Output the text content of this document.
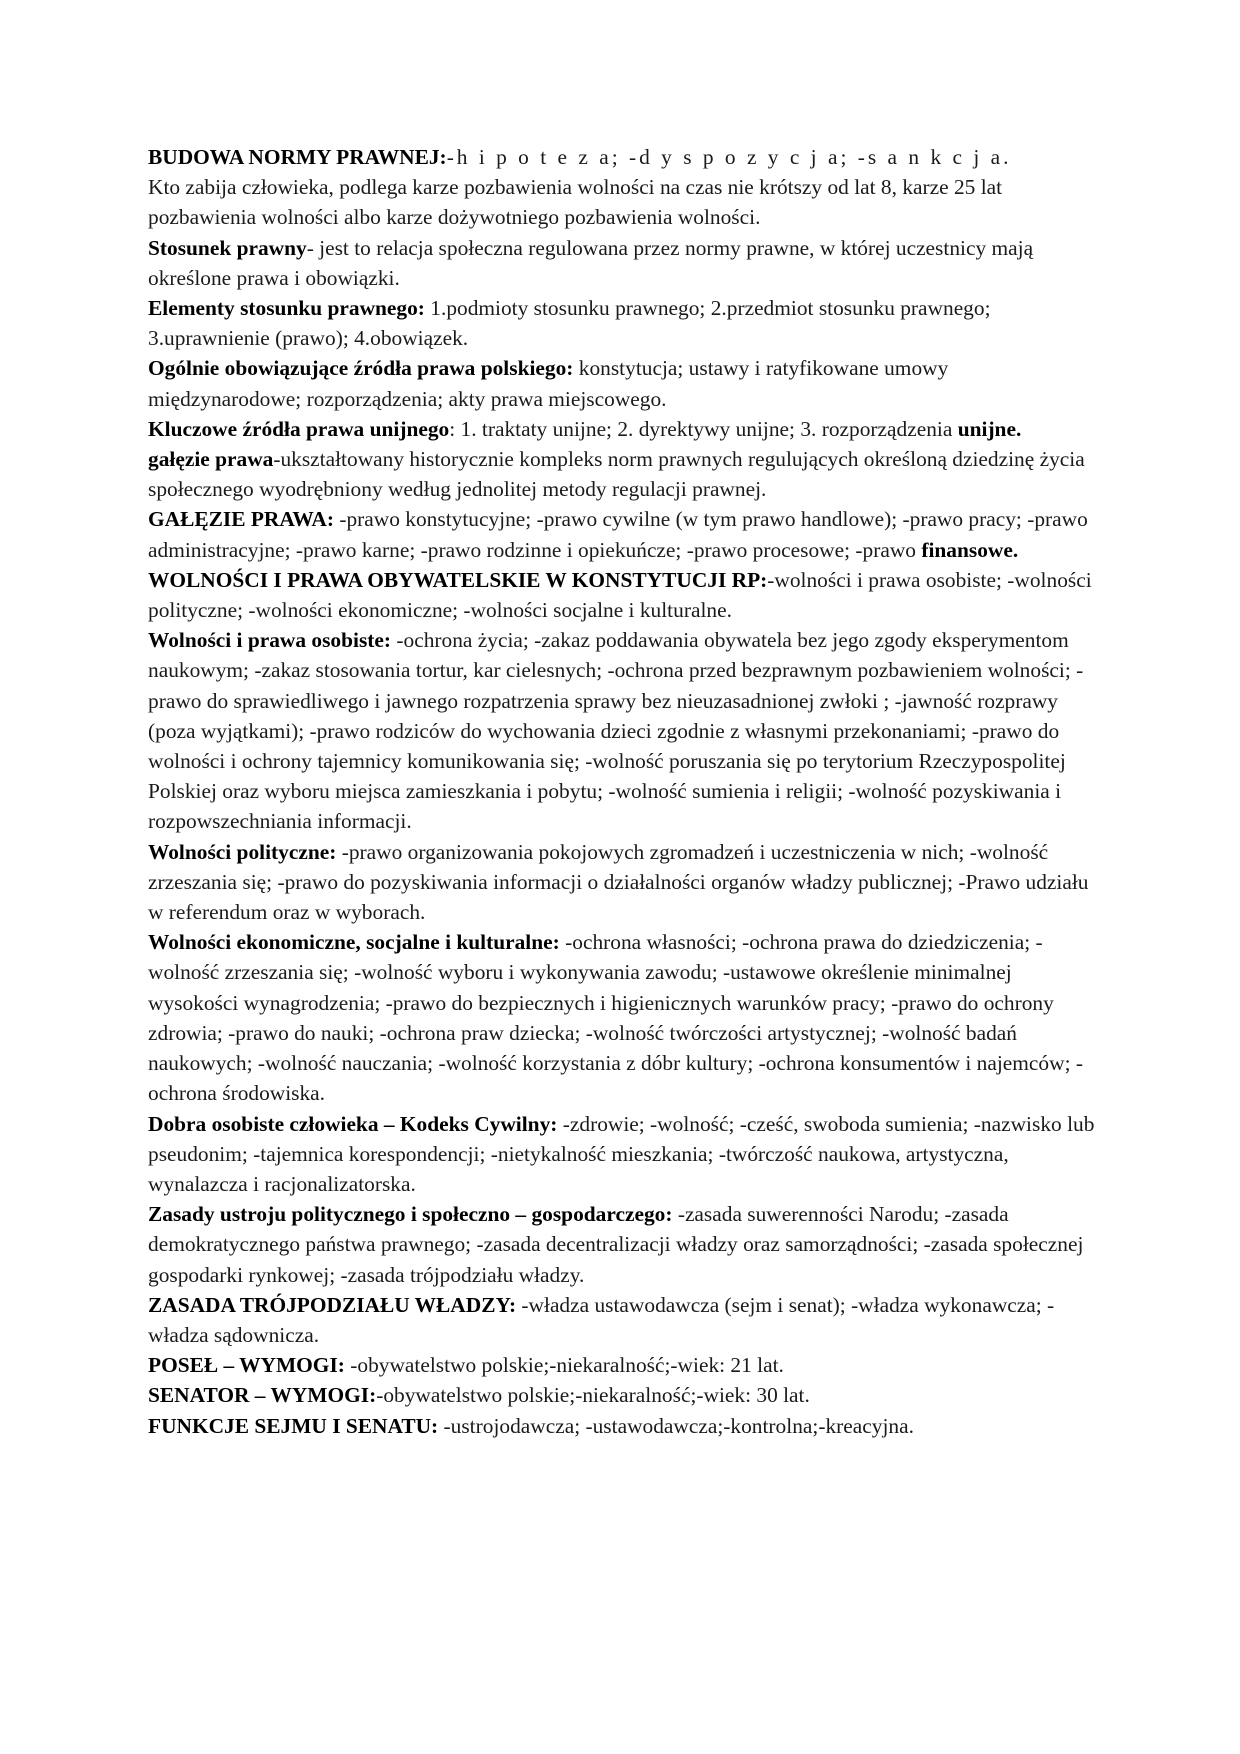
BUDOWA NORMY PRAWNEJ:-h i p o t e z a; -d y s p o z y c j a; -s a n k c j a.

Kto zabija człowieka, podlega karze pozbawienia wolności na czas nie krótszy od lat 8, karze 25 lat pozbawienia wolności albo karze dożywotniego pozbawienia wolności.

Stosunek prawny- jest to relacja społeczna regulowana przez normy prawne, w której uczestnicy mają określone prawa i obowiązki.

Elementy stosunku prawnego: 1.podmioty stosunku prawnego; 2.przedmiot stosunku prawnego; 3.uprawnienie (prawo); 4.obowiązek.

Ogólnie obowiązujące źródła prawa polskiego: konstytucja; ustawy i ratyfikowane umowy międzynarodowe; rozporządzenia; akty prawa miejscowego.

Kluczowe źródła prawa unijnego: 1. traktaty unijne; 2. dyrektywy unijne; 3. rozporządzenia unijne.

gałęzie prawa-ukształtowany historycznie kompleks norm prawnych regulujących określoną dziedzinę życia społecznego wyodrębniony według jednolitej metody regulacji prawnej.

GAŁĘZIE PRAWA: -prawo konstytucyjne; -prawo cywilne (w tym prawo handlowe); -prawo pracy; -prawo administracyjne; -prawo karne; -prawo rodzinne i opiekuńcze; -prawo procesowe; -prawo finansowe.

WOLNOŚCI I PRAWA OBYWATELSKIE W KONSTYTUCJI RP:-wolności i prawa osobiste; -wolności polityczne; -wolności ekonomiczne; -wolności socjalne i kulturalne.

Wolności i prawa osobiste: -ochrona życia; -zakaz poddawania obywatela bez jego zgody eksperymentom naukowym; -zakaz stosowania tortur, kar cielesnych; -ochrona przed bezprawnym pozbawieniem wolności; -prawo do sprawiedliwego i jawnego rozpatrzenia sprawy bez nieuzasadnionej zwłoki ; -jawność rozprawy (poza wyjątkami); -prawo rodziców do wychowania dzieci zgodnie z własnymi przekonaniami; -prawo do wolności i ochrony tajemnicy komunikowania się; -wolność poruszania się po terytorium Rzeczypospolitej Polskiej oraz wyboru miejsca zamieszkania i pobytu; -wolność sumienia i religii; -wolność pozyskiwania i rozpowszechniania informacji.

Wolności polityczne: -prawo organizowania pokojowych zgromadzeń i uczestniczenia w nich; -wolność zrzeszania się; -prawo do pozyskiwania informacji o działalności organów władzy publicznej; -Prawo udziału w referendum oraz w wyborach.

Wolności ekonomiczne, socjalne i kulturalne: -ochrona własności; -ochrona prawa do dziedziczenia; -wolność zrzeszania się; -wolność wyboru i wykonywania zawodu; -ustawowe określenie minimalnej wysokości wynagrodzenia; -prawo do bezpiecznych i higienicznych warunków pracy; -prawo do ochrony zdrowia; -prawo do nauki; -ochrona praw dziecka; -wolność twórczości artystycznej; -wolność badań naukowych; -wolność nauczania; -wolność korzystania z dóbr kultury; -ochrona konsumentów i najemców; -ochrona środowiska.

Dobra osobiste człowieka – Kodeks Cywilny: -zdrowie; -wolność; -cześć, swoboda sumienia; -nazwisko lub pseudonim; -tajemnica korespondencji; -nietykalność mieszkania; -twórczość naukowa, artystyczna, wynalazcza i racjonalizatorska.

Zasady ustroju politycznego i społeczno – gospodarczego: -zasada suwerenności Narodu; -zasada demokratycznego państwa prawnego; -zasada decentralizacji władzy oraz samorządności; -zasada społecznej gospodarki rynkowej; -zasada trójpodziału władzy.

ZASADA TRÓJPODZIAŁU WŁADZY: -władza ustawodawcza (sejm i senat); -władza wykonawcza; -władza sądownicza.

POSEŁ – WYMOGI: -obywatelstwo polskie;-niekaralność;-wiek: 21 lat.

SENATOR – WYMOGI:-obywatelstwo polskie;-niekaralność;-wiek: 30 lat.

FUNKCJE SEJMU I SENATU: -ustrojodawcza; -ustawodawcza;-kontrolna;-kreacyjna.
